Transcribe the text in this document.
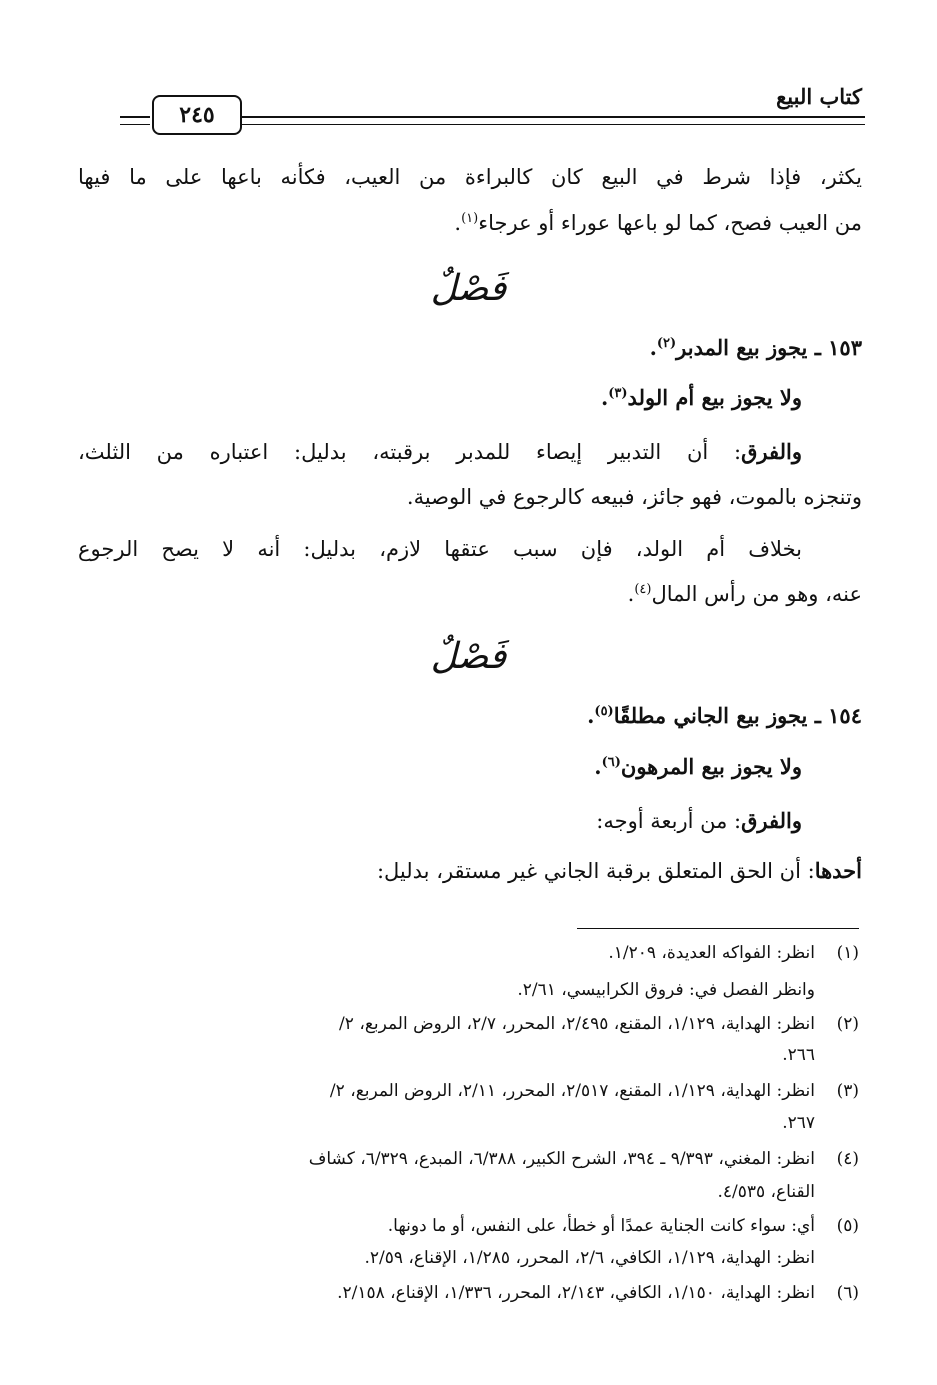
كتاب البيع
٢٤٥
يكثر، فإذا شرط في البيع كان كالبراءة من العيب، فكأنه باعها على ما فيها
من العيب فصح، كما لو باعها عوراء أو عرجاء$^{(١)}$.
فَصْلٌ
١٥٣ ـ يجوز بيع المدبر$^{(٢)}$.
ولا يجوز بيع أم الولد$^{(٣)}$.
والفرق: أن التدبير إيصاء للمدبر برقبته، بدليل: اعتباره من الثلث،
وتنجزه بالموت، فهو جائز، فبيعه كالرجوع في الوصية.
بخلاف أم الولد، فإن سبب عتقها لازم، بدليل: أنه لا يصح الرجوع
عنه، وهو من رأس المال$^{(٤)}$.
فَصْلٌ
١٥٤ ـ يجوز بيع الجاني مطلقًا$^{(٥)}$.
ولا يجوز بيع المرهون$^{(٦)}$.
والفرق: من أربعة أوجه:
أحدها: أن الحق المتعلق برقبة الجاني غير مستقر، بدليل:
(١)انظر: الفواكه العديدة، ١/٢٠٩.
وانظر الفصل في: فروق الكرابيسي، ٢/٦١.
(٢)انظر: الهداية، ١/١٢٩، المقنع، ٢/٤٩٥، المحرر، ٢/٧، الروض المربع، ٢/
٢٦٦.
(٣)انظر: الهداية، ١/١٢٩، المقنع، ٢/٥١٧، المحرر، ٢/١١، الروض المربع، ٢/
٢٦٧.
(٤)انظر: المغني، ٩/٣٩٣ ـ ٣٩٤، الشرح الكبير، ٦/٣٨٨، المبدع، ٦/٣٢٩، كشاف
القناع، ٤/٥٣٥.
(٥)أي: سواء كانت الجناية عمدًا أو خطأ، على النفس، أو ما دونها.
انظر: الهداية، ١/١٢٩، الكافي، ٢/٦، المحرر، ١/٢٨٥، الإقناع، ٢/٥٩.
(٦)انظر: الهداية، ١/١٥٠، الكافي، ٢/١٤٣، المحرر، ١/٣٣٦، الإقناع، ٢/١٥٨.
